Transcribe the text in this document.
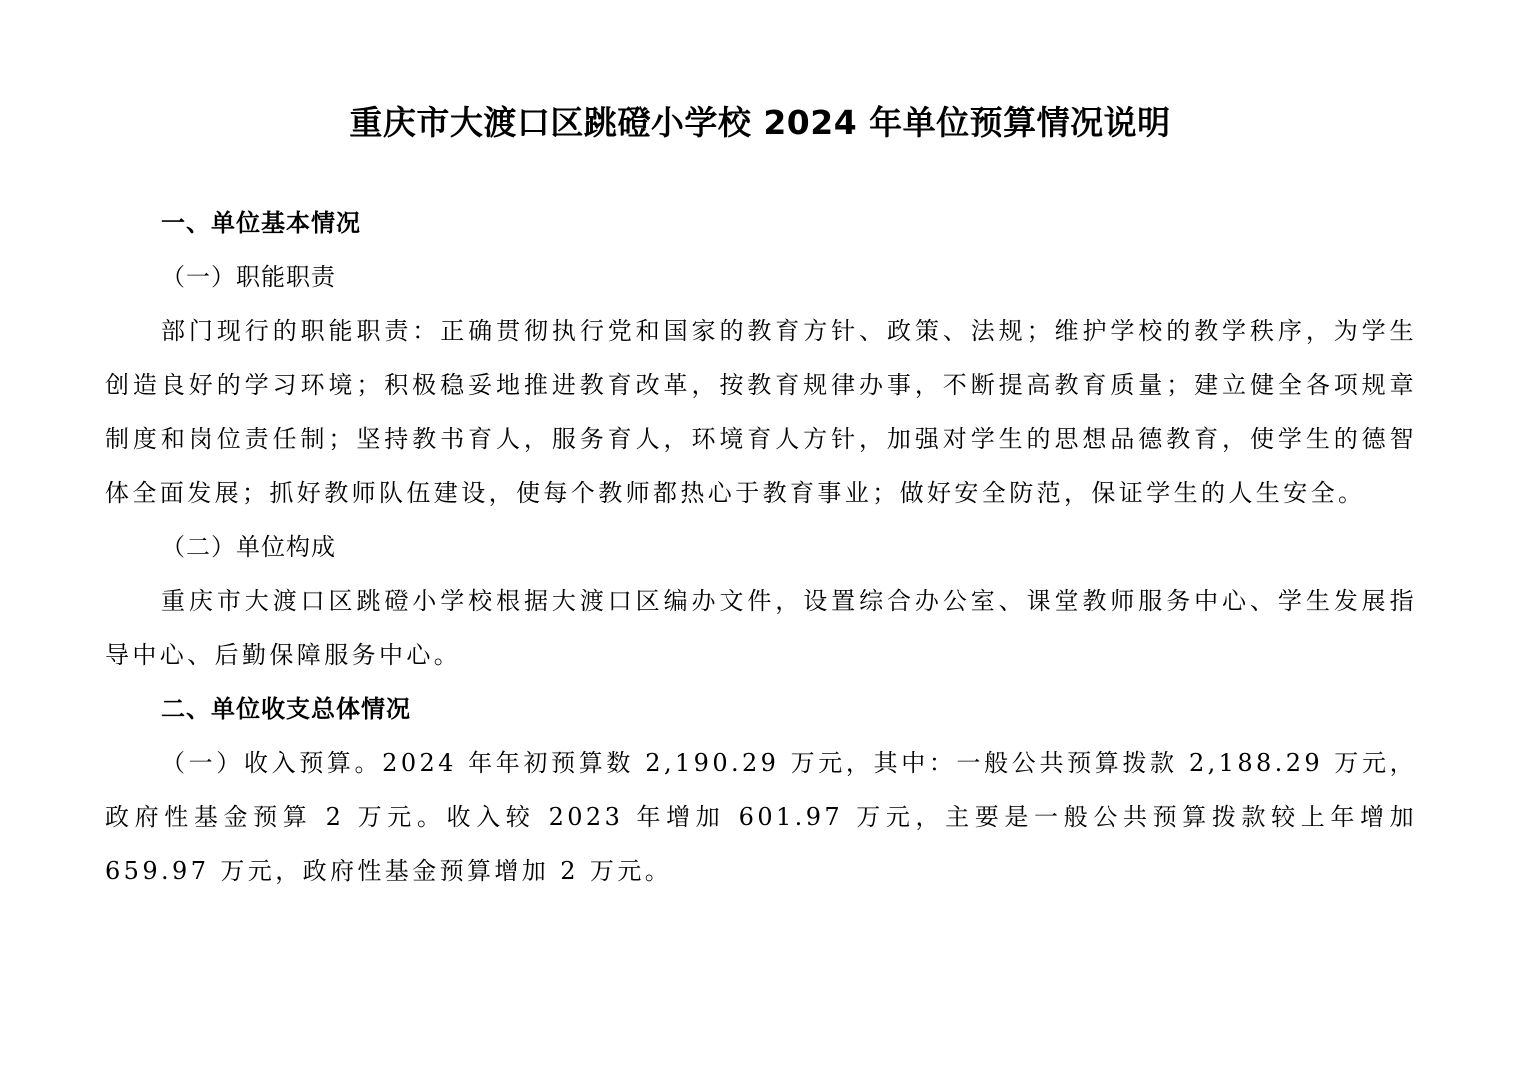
重庆市大渡口区跳磴小学校 2024 年单位预算情况说明

一、单位基本情况

（一）职能职责

部门现行的职能职责：正确贯彻执行党和国家的教育方针、政策、法规；维护学校的教学秩序，为学生创造良好的学习环境；积极稳妥地推进教育改革，按教育规律办事，不断提高教育质量；建立健全各项规章制度和岗位责任制；坚持教书育人，服务育人，环境育人方针，加强对学生的思想品德教育，使学生的德智体全面发展；抓好教师队伍建设，使每个教师都热心于教育事业；做好安全防范，保证学生的人生安全。

（二）单位构成

重庆市大渡口区跳磴小学校根据大渡口区编办文件，设置综合办公室、课堂教师服务中心、学生发展指导中心、后勤保障服务中心。

二、单位收支总体情况

（一）收入预算。2024 年年初预算数 2,190.29 万元，其中：一般公共预算拨款 2,188.29 万元，政府性基金预算 2 万元。收入较 2023 年增加 601.97 万元，主要是一般公共预算拨款较上年增加 659.97 万元，政府性基金预算增加 2 万元。
